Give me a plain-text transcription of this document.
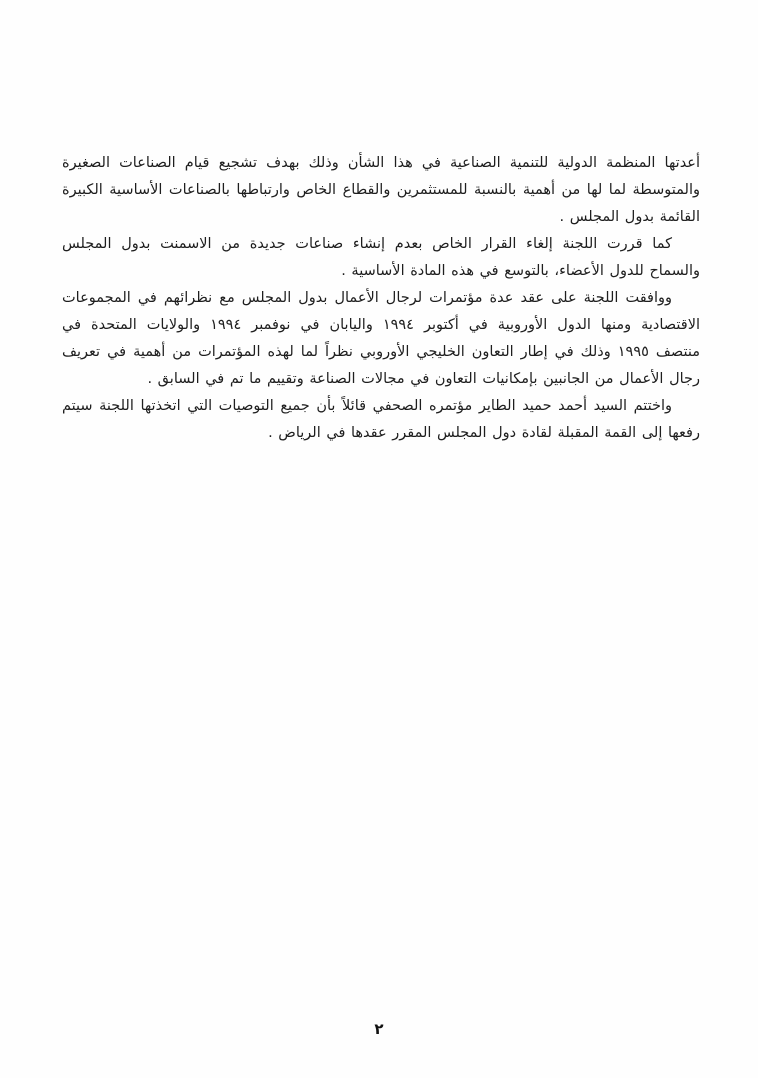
أعدتها المنظمة الدولية للتنمية الصناعية في هذا الشأن وذلك بهدف تشجيع قيام الصناعات الصغيرة
والمتوسطة لما لها من أهمية بالنسبة للمستثمرين والقطاع الخاص وارتباطها بالصناعات الأساسية الكبيرة
القائمة بدول المجلس .
كما قررت اللجنة إلغاء القرار الخاص بعدم إنشاء صناعات جديدة من الاسمنت بدول المجلس
والسماح للدول الأعضاء، بالتوسع في هذه المادة الأساسية .
ووافقت اللجنة على عقد عدة مؤتمرات لرجال الأعمال بدول المجلس مع نظرائهم في المجموعات
الاقتصادية ومنها الدول الأوروبية في أكتوبر ١٩٩٤ واليابان في نوفمبر ١٩٩٤ والولايات المتحدة في
منتصف ١٩٩٥ وذلك في إطار التعاون الخليجي الأوروبي نظراً لما لهذه المؤتمرات من أهمية في تعريف
رجال الأعمال من الجانبين بإمكانيات التعاون في مجالات الصناعة وتقييم ما تم في السابق .
واختتم السيد أحمد حميد الطاير مؤتمره الصحفي قائلاً بأن جميع التوصيات التي اتخذتها اللجنة سيتم
رفعها إلى القمة المقبلة لقادة دول المجلس المقرر عقدها في الرياض .
٢
